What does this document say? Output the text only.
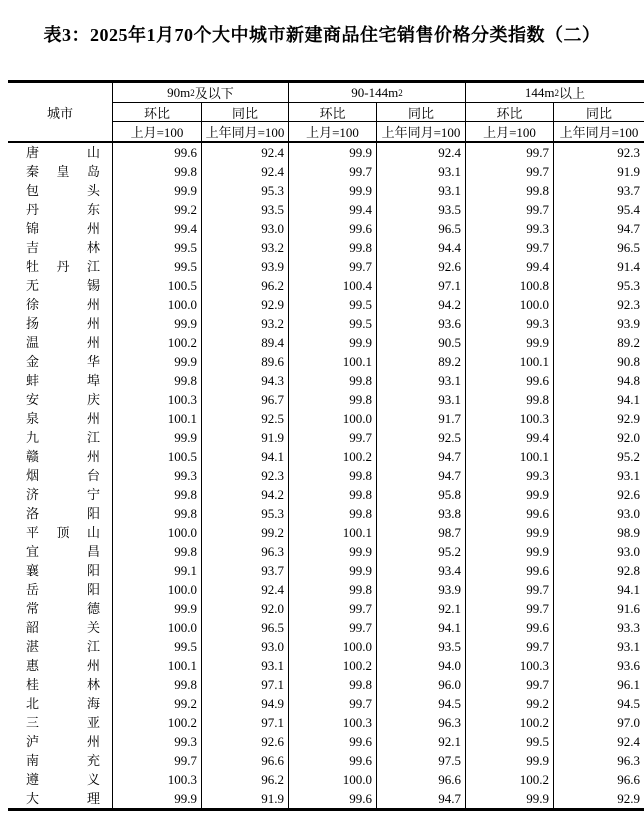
表3：2025年1月70个大中城市新建商品住宅销售价格分类指数（二）
城市
90m 2 及以下	90-144m 2	144m 2 以上
环比	同比	环比	同比	环比	同比
上月=100	上年同月=100	上月=100	上年同月=100	上月=100	上年同月=100
唐	山	99.6	92.4	99.9	92.4	99.7	92.3
秦 皇 岛	99.8	92.4	99.7	93.1	99.7	91.9
包	头	99.9	95.3	99.9	93.1	99.8	93.7
丹	东	99.2	93.5	99.4	93.5	99.7	95.4
锦	州	99.4	93.0	99.6	96.5	99.3	94.7
吉	林	99.5	93.2	99.8	94.4	99.7	96.5
牡 丹 江	99.5	93.9	99.7	92.6	99.4	91.4
无	锡	100.5	96.2	100.4	97.1	100.8	95.3
徐	州	100.0	92.9	99.5	94.2	100.0	92.3
扬	州	99.9	93.2	99.5	93.6	99.3	93.9
温	州	100.2	89.4	99.9	90.5	99.9	89.2
金	华	99.9	89.6	100.1	89.2	100.1	90.8
蚌	埠	99.8	94.3	99.8	93.1	99.6	94.8
安	庆	100.3	96.7	99.8	93.1	99.8	94.1
泉	州	100.1	92.5	100.0	91.7	100.3	92.9
九	江	99.9	91.9	99.7	92.5	99.4	92.0
赣	州	100.5	94.1	100.2	94.7	100.1	95.2
烟	台	99.3	92.3	99.8	94.7	99.3	93.1
济	宁	99.8	94.2	99.8	95.8	99.9	92.6
洛	阳	99.8	95.3	99.8	93.8	99.6	93.0
平 顶 山	100.0	99.2	100.1	98.7	99.9	98.9
宜	昌	99.8	96.3	99.9	95.2	99.9	93.0
襄	阳	99.1	93.7	99.9	93.4	99.6	92.8
岳	阳	100.0	92.4	99.8	93.9	99.7	94.1
常	德	99.9	92.0	99.7	92.1	99.7	91.6
韶	关	100.0	96.5	99.7	94.1	99.6	93.3
湛	江	99.5	93.0	100.0	93.5	99.7	93.1
惠	州	100.1	93.1	100.2	94.0	100.3	93.6
桂	林	99.8	97.1	99.8	96.0	99.7	96.1
北	海	99.2	94.9	99.7	94.5	99.2	94.5
三	亚	100.2	97.1	100.3	96.3	100.2	97.0
泸	州	99.3	92.6	99.6	92.1	99.5	92.4
南	充	99.7	96.6	99.6	97.5	99.9	96.3
遵	义	100.3	96.2	100.0	96.6	100.2	96.6
大	理	99.9	91.9	99.6	94.7	99.9	92.9
